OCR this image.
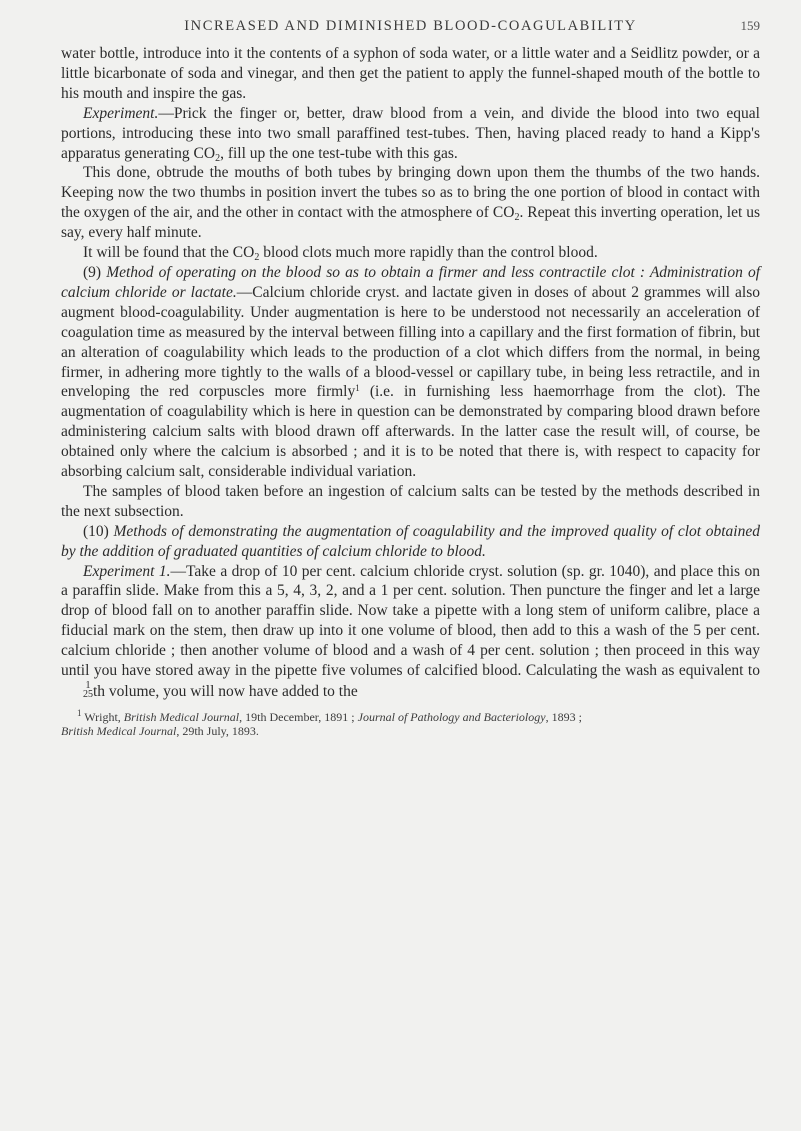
INCREASED AND DIMINISHED BLOOD-COAGULABILITY	159

water bottle, introduce into it the contents of a syphon of soda water, or a little water and a Seidlitz powder, or a little bicarbonate of soda and vinegar, and then get the patient to apply the funnel-shaped mouth of the bottle to his mouth and inspire the gas.

Experiment.—Prick the finger or, better, draw blood from a vein, and divide the blood into two equal portions, introducing these into two small paraffined test-tubes. Then, having placed ready to hand a Kipp's apparatus generating $CO_2$, fill up the one test-tube with this gas.

This done, obtrude the mouths of both tubes by bringing down upon them the thumbs of the two hands. Keeping now the two thumbs in position invert the tubes so as to bring the one portion of blood in contact with the oxygen of the air, and the other in contact with the atmosphere of $CO_2$. Repeat this inverting operation, let us say, every half minute.

It will be found that the $CO_2$ blood clots much more rapidly than the control blood.

(9) Method of operating on the blood so as to obtain a firmer and less contractile clot : Administration of calcium chloride or lactate.—Calcium chloride cryst. and lactate given in doses of about 2 grammes will also augment blood-coagulability. Under augmentation is here to be understood not necessarily an acceleration of coagulation time as measured by the interval between filling into a capillary and the first formation of fibrin, but an alteration of coagulability which leads to the production of a clot which differs from the normal, in being firmer, in adhering more tightly to the walls of a blood-vessel or capillary tube, in being less retractile, and in enveloping the red corpuscles more firmly$^1$ (i.e. in furnishing less haemorrhage from the clot). The augmentation of coagulability which is here in question can be demonstrated by comparing blood drawn before administering calcium salts with blood drawn off afterwards. In the latter case the result will, of course, be obtained only where the calcium is absorbed ; and it is to be noted that there is, with respect to capacity for absorbing calcium salt, considerable individual variation.

The samples of blood taken before an ingestion of calcium salts can be tested by the methods described in the next subsection.

(10) Methods of demonstrating the augmentation of coagulability and the improved quality of clot obtained by the addition of graduated quantities of calcium chloride to blood.

Experiment 1.—Take a drop of 10 per cent. calcium chloride cryst. solution (sp. gr. 1040), and place this on a paraffin slide. Make from this a 5, 4, 3, 2, and a 1 per cent. solution. Then puncture the finger and let a large drop of blood fall on to another paraffin slide. Now take a pipette with a long stem of uniform calibre, place a fiducial mark on the stem, then draw up into it one volume of blood, then add to this a wash of the 5 per cent. calcium chloride ; then another volume of blood and a wash of 4 per cent. solution ; then proceed in this way until you have stored away in the pipette five volumes of calcified blood. Calculating the wash as equivalent to
1
25 th volume, you will now have added to the

$^1$ Wright, British Medical Journal, 19th December, 1891 ; Journal of Pathology and Bacteriology, 1893 ;

British Medical Journal, 29th July, 1893.
